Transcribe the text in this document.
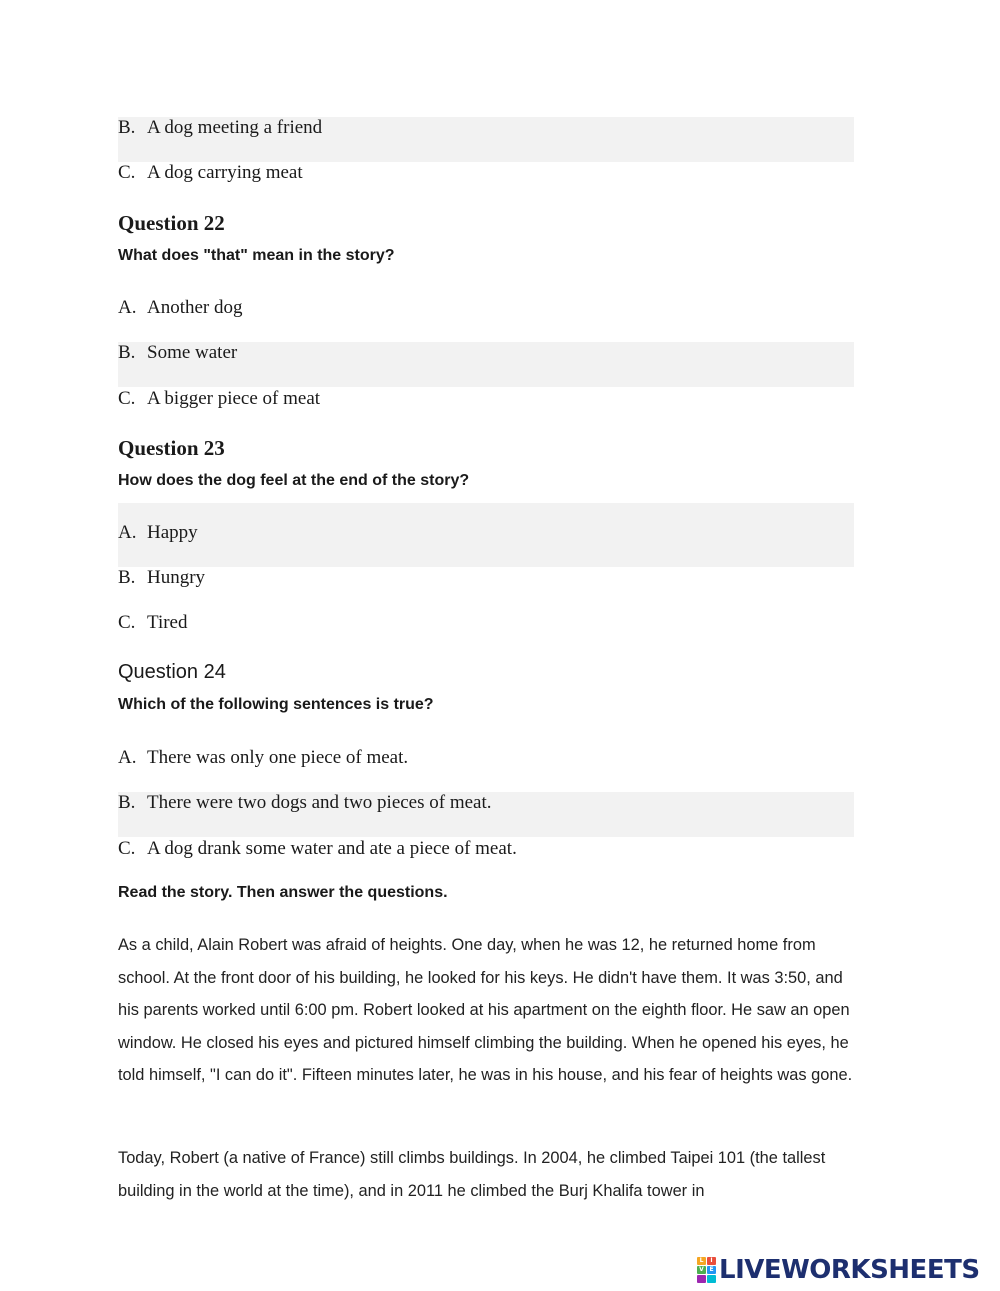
B. A dog meeting a friend
C. A dog carrying meat
Question 22
What does "that" mean in the story?
A. Another dog
B. Some water
C. A bigger piece of meat
Question 23
How does the dog feel at the end of the story?
A. Happy
B. Hungry
C. Tired
Question 24
Which of the following sentences is true?
A. There was only one piece of meat.
B. There were two dogs and two pieces of meat.
C. A dog drank some water and ate a piece of meat.
Read the story. Then answer the questions.

As a child, Alain Robert was afraid of heights. One day, when he was 12, he returned home from school. At the front door of his building, he looked for his keys. He didn't have them. It was 3:50, and his parents worked until 6:00 pm. Robert looked at his apartment on the eighth floor. He saw an open window. He closed his eyes and pictured himself climbing the building. When he opened his eyes, he told himself, "I can do it". Fifteen minutes later, he was in his house, and his fear of heights was gone.

Today, Robert (a native of France) still climbs buildings. In 2004, he climbed Taipei 101 (the tallest building in the world at the time), and in 2011 he climbed the Burj Khalifa tower in

L	I
V E LIVEWORKSHEETS
